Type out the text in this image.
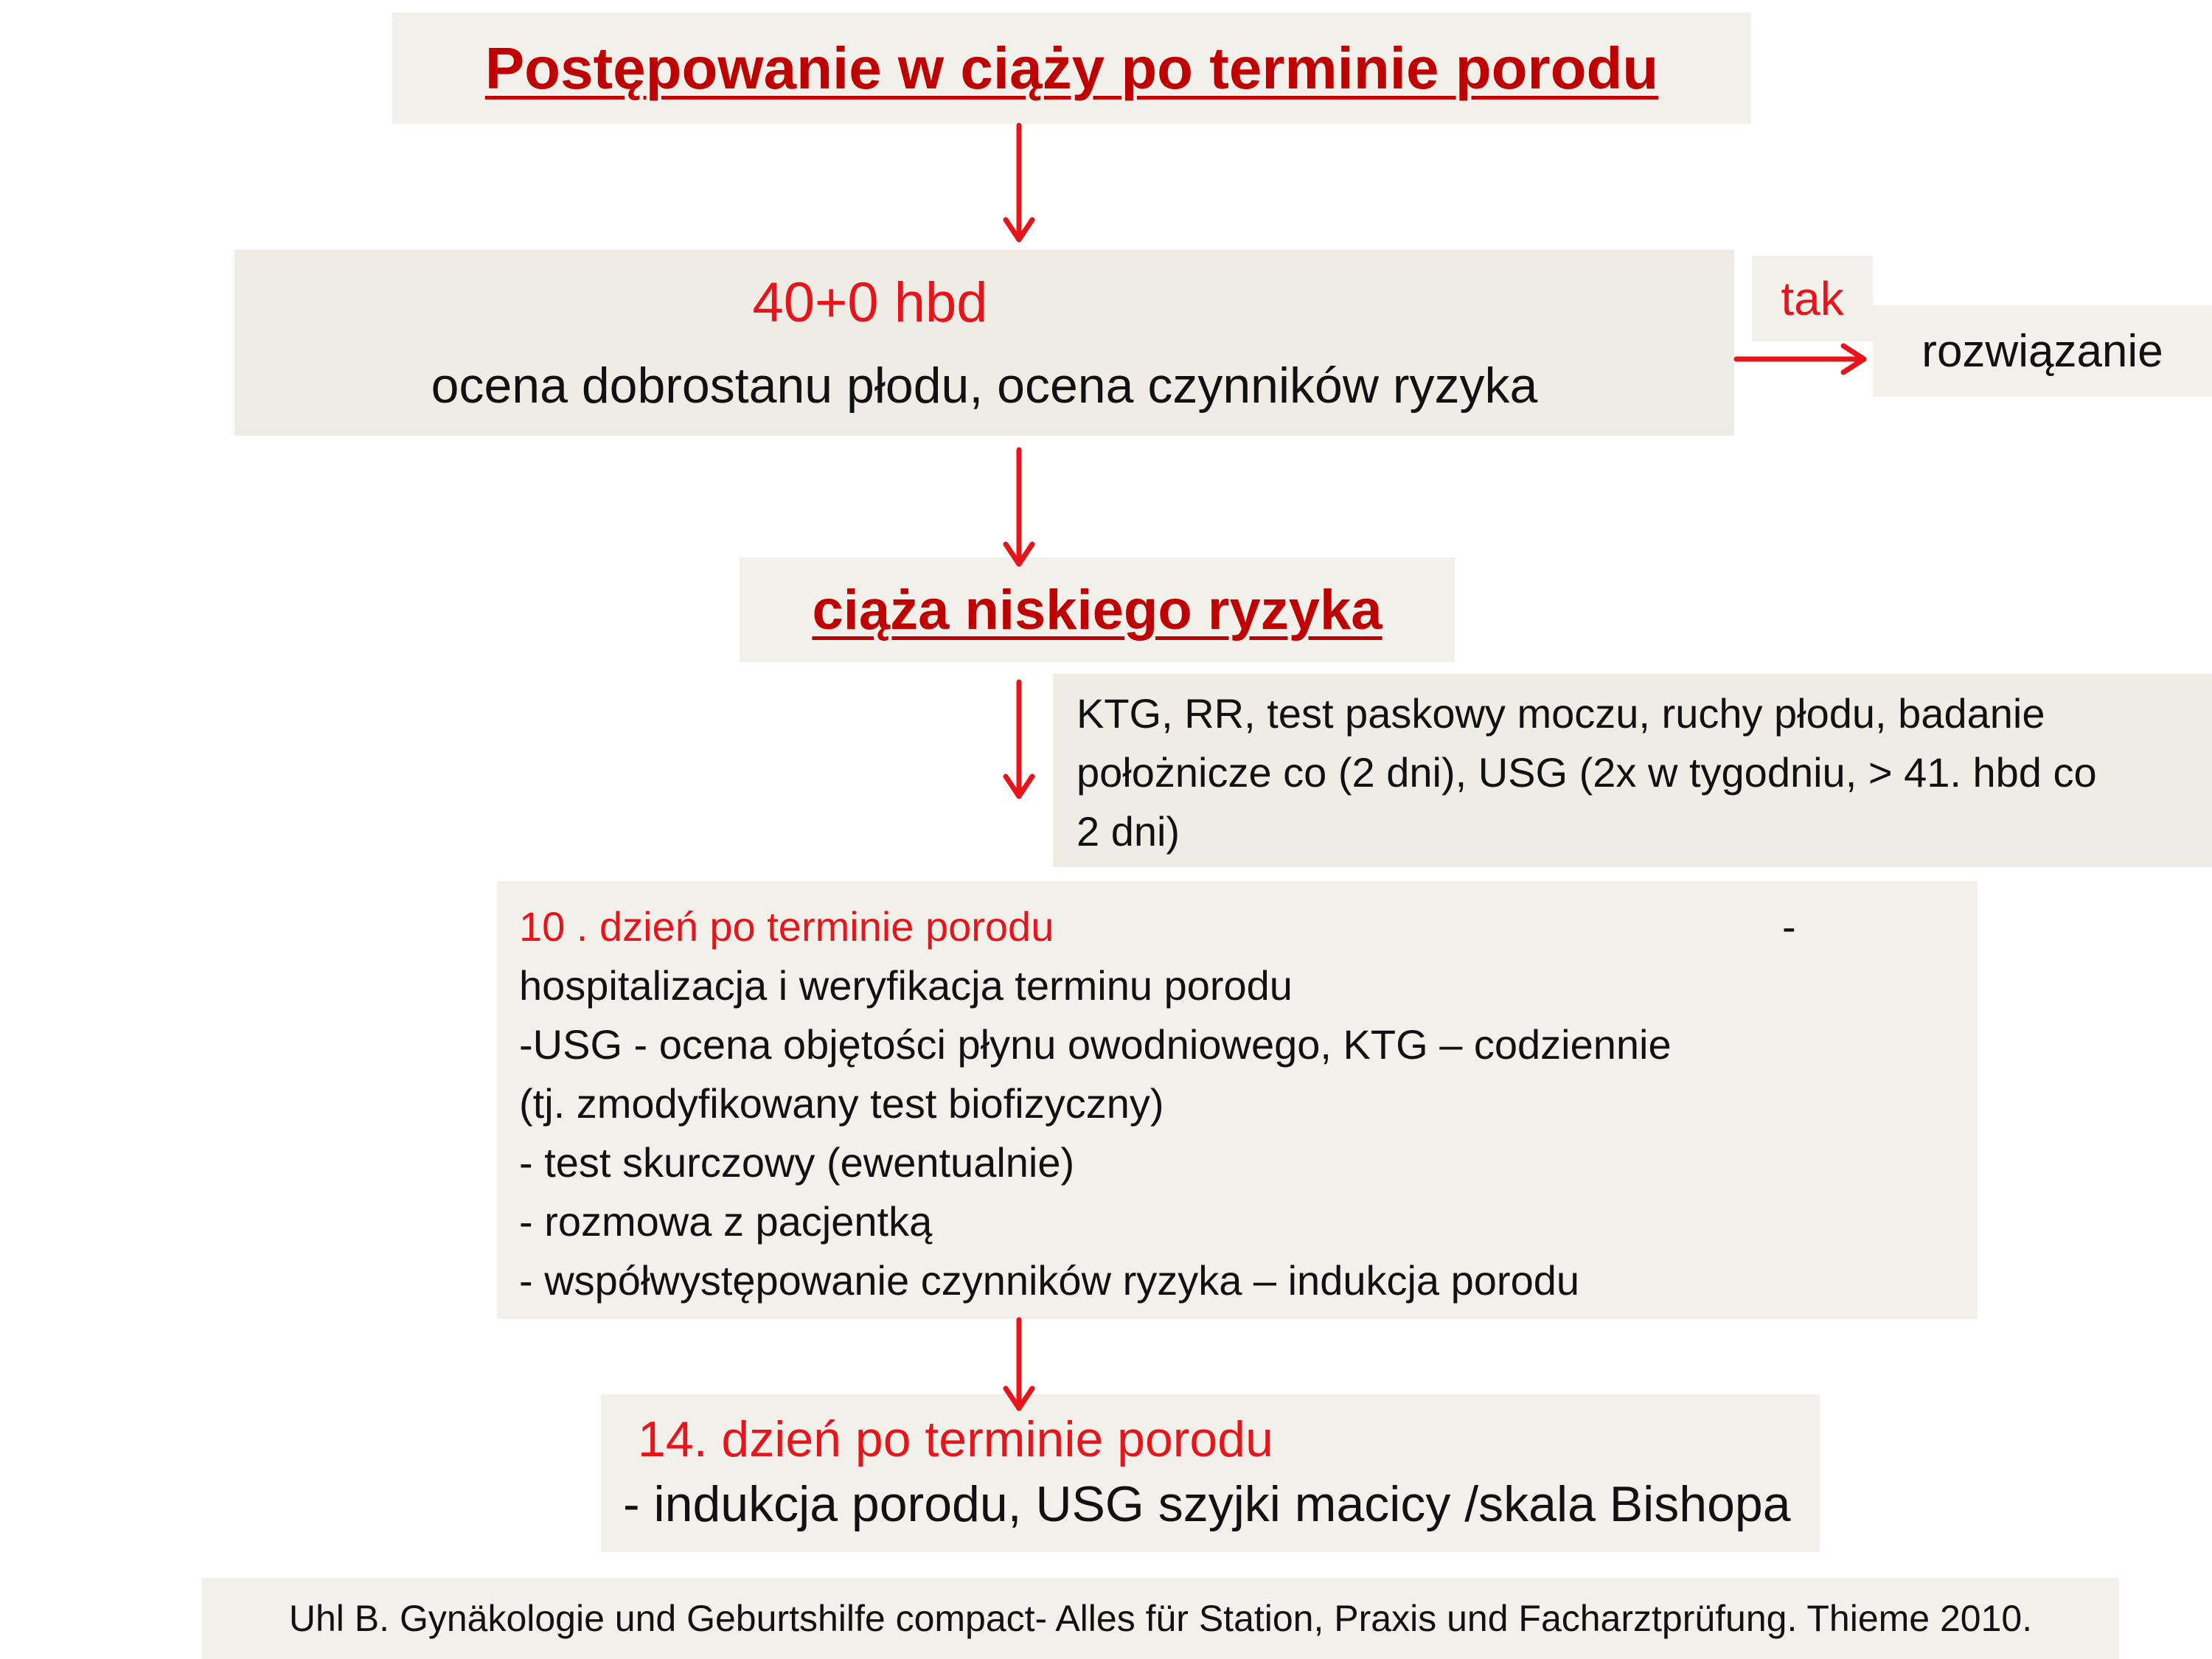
Postępowanie w ciąży po terminie porodu
40+0 hbd
ocena dobrostanu płodu, ocena czynników ryzyka
tak
rozwiązanie
ciąża niskiego ryzyka

KTG, RR, test paskowy moczu, ruchy płodu, badanie

położnicze co (2 dni), USG (2x w tygodniu, > 41. hbd co

2 dni)

10 . dzień po terminie porodu	-

hospitalizacja i weryfikacja terminu porodu

-USG - ocena objętości płynu owodniowego, KTG – codziennie

(tj. zmodyfikowany test biofizyczny)

- test skurczowy (ewentualnie)

- rozmowa z pacjentką

- współwystępowanie czynników ryzyka – indukcja porodu

14. dzień po terminie porodu
- indukcja porodu, USG szyjki macicy /skala Bishopa
Uhl B. Gynäkologie und Geburtshilfe compact- Alles für Station, Praxis und Facharztprüfung. Thieme 2010.
